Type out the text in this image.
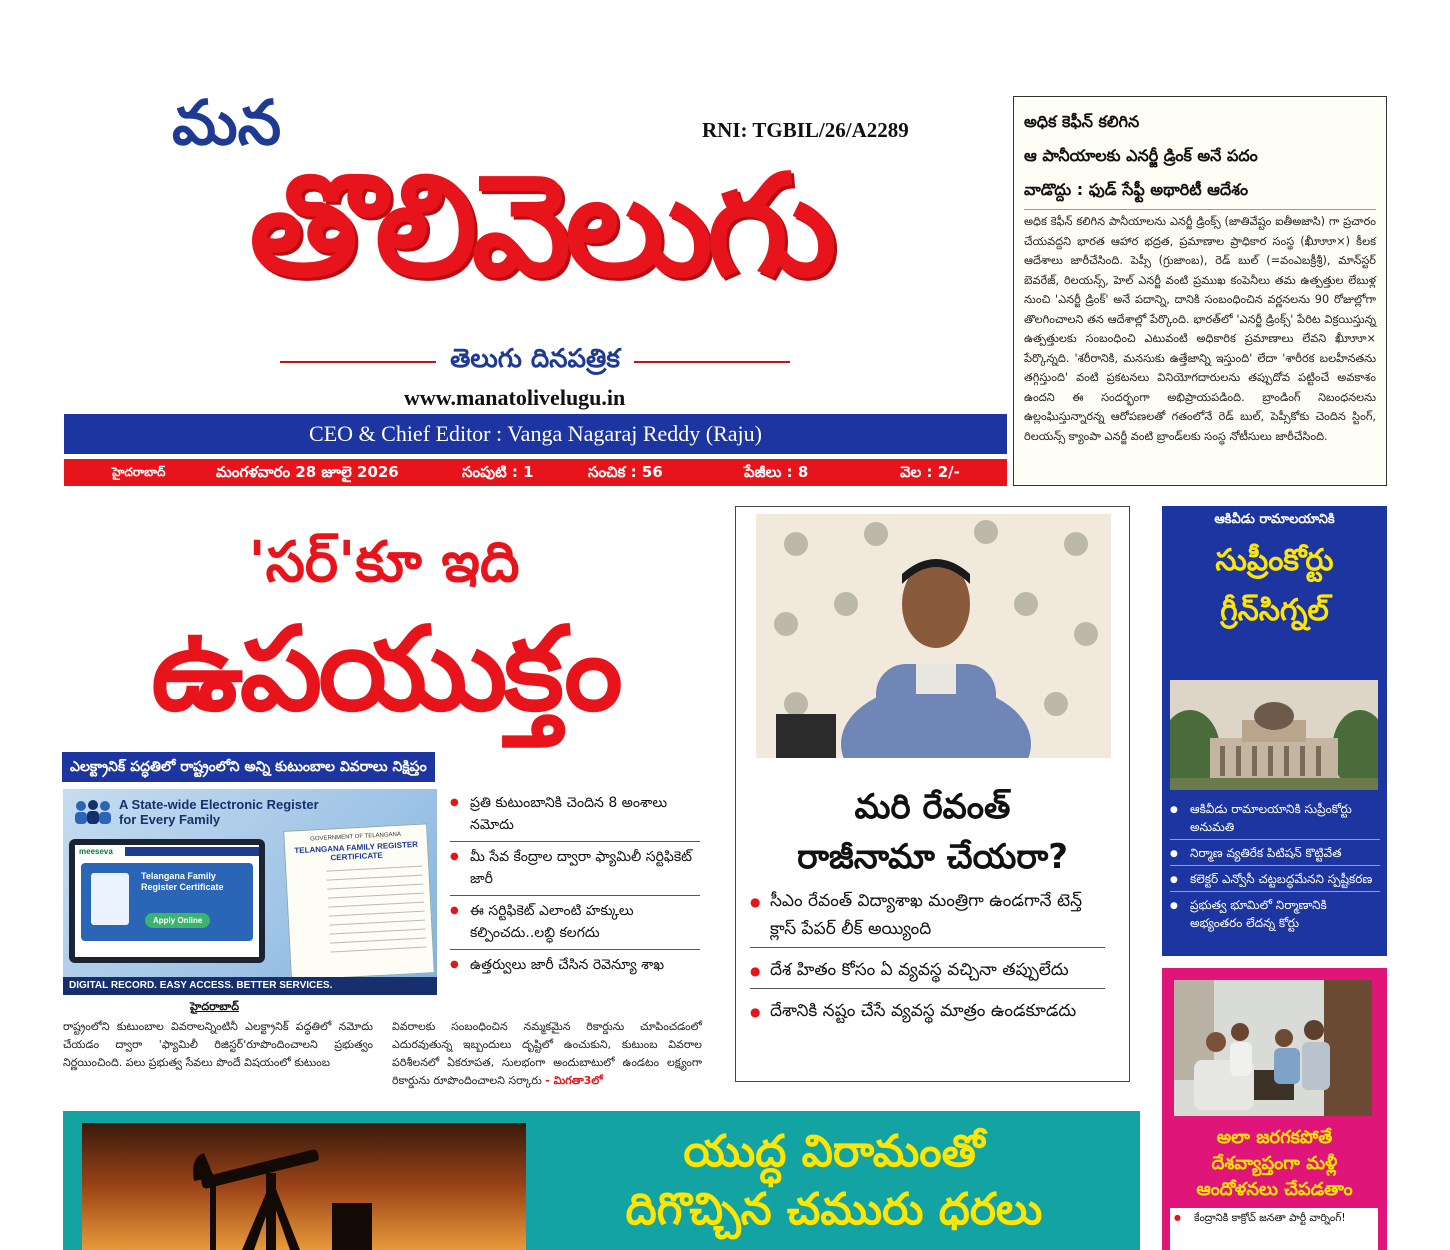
మన	RNI: TGBIL/26/A2289
తొలివెలుగు
తెలుగు దినపత్రిక
www.manatolivelugu.in
CEO & Chief Editor : Vanga Nagaraj Reddy (Raju)
హైదరాబాద్	మంగళవారం 28 జూలై 2026	సంపుటి : 1	సంచిక : 56	పేజీలు : 8	వెల : 2/-
అధిక కెఫీన్ కలిగిన
ఆ పానీయాలకు ఎనర్జీ డ్రింక్ అనే పదం
వాడొద్దు : ఫుడ్ సేఫ్టీ అథారిటీ ఆదేశం
అధిక కెఫీన్ కలిగిన పానీయాలను ఎనర్జీ డ్రింక్స్ (జాతివేష్టం ఐతీఅజాసి) గా ప్రచారం చేయవద్దని భారత ఆహార భద్రత, ప్రమాణాల ప్రాధికార సంస్థ (ఖీూూూ×) కీలక ఆదేశాలు జారీచేసింది. పెప్సీ (గ్రుజాంబ), రెడ్ బుల్ (=వంఎబక్రీశ్రీ), మాన్‌స్టర్ బెవరేజ్, రిలయన్స్, హెల్ ఎనర్జీ వంటి ప్రముఖ కంపెనీలు తమ ఉత్పత్తుల లేబుళ్ల నుంచి 'ఎనర్జీ డ్రింక్' అనే పదాన్ని, దానికి సంబంధించిన వర్ణనలను 90 రోజుల్లోగా తొలగించాలని తన ఆదేశాల్లో పేర్కొంది. భారత్‌లో 'ఎనర్జీ డ్రింక్స్' పేరిట విక్రయిస్తున్న ఉత్పత్తులకు సంబంధించి ఎటువంటి అధికారిక ప్రమాణాలు లేవని ఖీూూూ× పేర్కొన్నది. 'శరీరానికి, మనసుకు ఉత్తేజాన్ని ఇస్తుంది' లేదా 'శారీరక బలహీనతను తగ్గిస్తుంది' వంటి ప్రకటనలు వినియోగదారులను తప్పుదోవ పట్టించే అవకాశం ఉందని ఈ సందర్భంగా అభిప్రాయపడింది. బ్రాండింగ్ నిబంధనలను ఉల్లంఘిస్తున్నారన్న ఆరోపణలతో గతంలోనే రెడ్ బుల్, పెప్సీకోకు చెందిన స్టింగ్, రిలయన్స్ క్యాంపా ఎనర్జీ వంటి బ్రాండ్‌లకు సంస్థ నోటీసులు జారీచేసింది.
'సర్'కూ ఇది
ఉపయుక్తం
ఎలక్ట్రానిక్ పద్ధతిలో రాష్ట్రంలోని అన్ని కుటుంబాల వివరాలు నిక్షిప్తం
A State-wide Electronic Register for Every Family
meeseva
Telangana Family Register Certificate
Apply Online
GOVERNMENT OF TELANGANA
TELANGANA FAMILY REGISTER CERTIFICATE
DIGITAL RECORD. EASY ACCESS. BETTER SERVICES.
● ప్రతి కుటుంబానికి చెందిన 8 అంశాలు నమోదు
● మీ సేవ కేంద్రాల ద్వారా ఫ్యామిలీ సర్టిఫికెట్ జారీ
● ఈ సర్టిఫికెట్ ఎలాంటి హక్కులు కల్పించదు..లబ్ధి కలగదు
● ఉత్తర్వులు జారీ చేసిన రెవెన్యూ శాఖ
హైదరాబాద్
రాష్ట్రంలోని కుటుంబాల వివరాలన్నింటినీ ఎలక్ట్రానిక్ పద్ధతిలో నమోదు చేయడం ద్వారా 'ఫ్యామిలీ రిజిస్టర్'రూపొందించాలని ప్రభుత్వం నిర్ణయించింది. పలు ప్రభుత్వ సేవలు పొందే విషయంలో కుటుంబ
వివరాలకు సంబంధించిన నమ్మకమైన రికార్డును చూపించడంలో ఎదురవుతున్న ఇబ్బందులు దృష్టిలో ఉంచుకుని, కుటుంబ వివరాల పరిశీలనలో ఏకరూపత, సులభంగా అందుబాటులో ఉండటం లక్ష్యంగా రికార్డును రూపొందించాలని సర్కారు - మిగతా3లో
మరి రేవంత్
రాజీనామా చేయరా?
● సీఎం రేవంత్ విద్యాశాఖ మంత్రిగా ఉండగానే టెన్త్ క్లాస్ పేపర్ లీక్ అయ్యింది
● దేశ హితం కోసం ఏ వ్యవస్థ వచ్చినా తప్పులేదు
● దేశానికి నష్టం చేసే వ్యవస్థ మాత్రం ఉండకూడదు
ఆకివీడు రామాలయానికి
సుప్రీంకోర్టు
గ్రీన్‌సిగ్నల్
● ఆకివీడు రామాలయానికి సుప్రీంకోర్టు అనుమతి
● నిర్మాణ వ్యతిరేక పిటిషన్ కొట్టివేత
● కలెక్టర్ ఎన్వోసీ చట్టబద్ధమేనని స్పష్టీకరణ
● ప్రభుత్వ భూమిలో నిర్మాణానికి అభ్యంతరం లేదన్న కోర్టు
అలా జరగకపోతే
దేశవ్యాప్తంగా మళ్లీ
ఆందోళనలు చేపడతాం
● కేంద్రానికి కాక్రోచ్ జనతా పార్టీ వార్నింగ్!
యుద్ధ విరామంతో
దిగొచ్చిన చమురు ధరలు
